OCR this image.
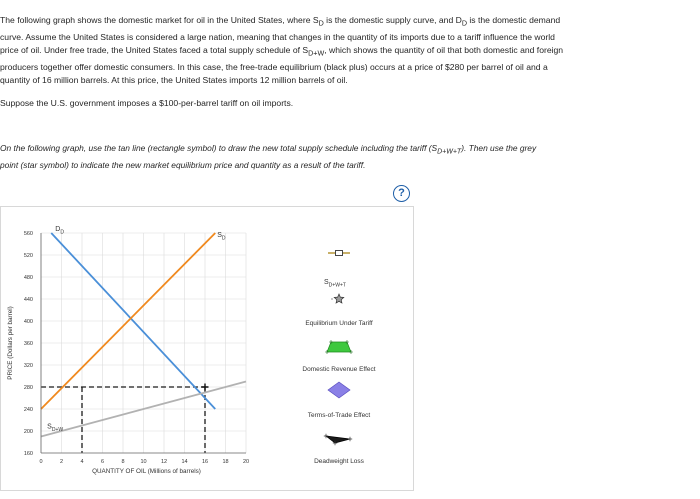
The following graph shows the domestic market for oil in the United States, where $S_D$ is the domestic supply curve, and $D_D$ is the domestic demand
curve. Assume the United States is considered a large nation, meaning that changes in the quantity of its imports due to a tariff influence the world
price of oil. Under free trade, the United States faced a total supply schedule of $S_{D+W}$, which shows the quantity of oil that both domestic and foreign
producers together offer domestic consumers. In this case, the free-trade equilibrium (black plus) occurs at a price of $280 per barrel of oil and a
quantity of 16 million barrels. At this price, the United States imports 12 million barrels of oil.

Suppose the U.S. government imposes a $100-per-barrel tariff on oil imports.

On the following graph, use the tan line (rectangle symbol) to draw the new total supply schedule including the tariff $(S_{D+W+T})$. Then use the grey
point (star symbol) to indicate the new market equilibrium price and quantity as a result of the tariff.

?
$D_D$	$S_D$
$S_{D+W}$
160
200
240
280
320
360
400
440
480
520
560
0	2	4	6	8	10	12	14	16	18	20
QUANTITY OF OIL (Millions of barrels)
PRICE (Dollars per barrel)
$S_{D+W+T}$
Equilibrium Under Tariff
Domestic Revenue Effect
Terms-of-Trade Effect
Deadweight Loss
